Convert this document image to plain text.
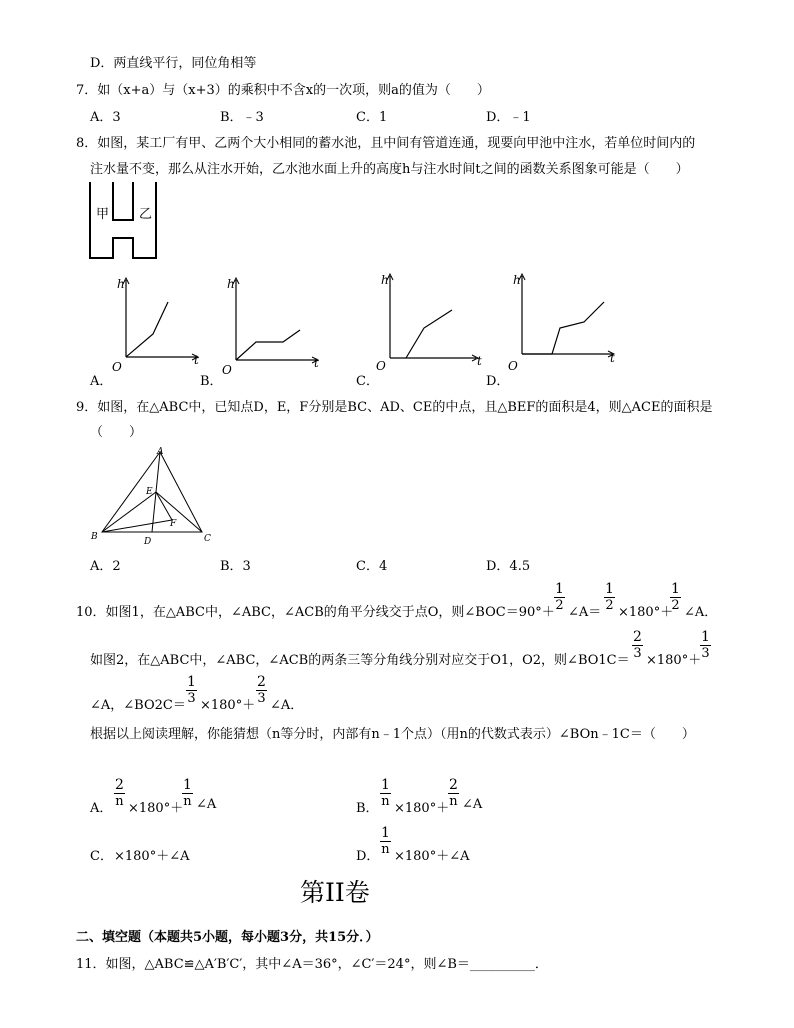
D．两直线平行，同位角相等
7．如（x+a）与（x+3）的乘积中不含x的一次项，则a的值为（　　）
A．3	B．﹣3	C．1	D．﹣1
8．如图，某工厂有甲、乙两个大小相同的蓄水池，且中间有管道连通，现要向甲池中注水，若单位时间内的
注水量不变，那么从注水开始，乙水池水面上升的高度h与注水时间t之间的函数关系图象可能是（　　）
甲 乙
h
t
O
A．
h
t
O
B．
h
t
O
C．
h
t
O
D．
9．如图，在△ABC中，已知点D，E，F分别是BC、AD、CE的中点，且△BEF的面积是4，则△ACE的面积是
（　　）
A
B	C
D
E
F
A．2	B．3	C．4	D．4.5
10．如图1，在△ABC中，∠ABC，∠ACB的角平分线交于点O，则∠BOC＝90°＋
$\frac{1}{2}$
∠A＝
$\frac{1}{2}$
×180°＋
$\frac{1}{2}$
∠A．
如图2，在△ABC中，∠ABC，∠ACB的两条三等分角线分别对应交于O1，O2，则∠BO1C＝
$\frac{2}{3}$
×180°＋
$\frac{1}{3}$
∠A，∠BO2C＝
$\frac{1}{3}$
×180°＋
$\frac{2}{3}$
∠A．
根据以上阅读理解，你能猜想（n等分时，内部有n﹣1个点）（用n的代数式表示）∠BOn﹣1C＝（　　）
A．
$\frac{2}{n}$
×180°＋
$\frac{1}{n}$ ∠A	B．
$\frac{1}{n}$
×180°＋
$\frac{2}{n}$ ∠A
C． ×180°＋∠A	D．
$\frac{1}{n}$
×180°＋∠A
第II卷
二、填空题（本题共5小题，每小题3分，共15分．）
11．如图，△ABC≌△A′B′C′，其中∠A＝36°，∠C′＝24°，则∠B＝__________．
